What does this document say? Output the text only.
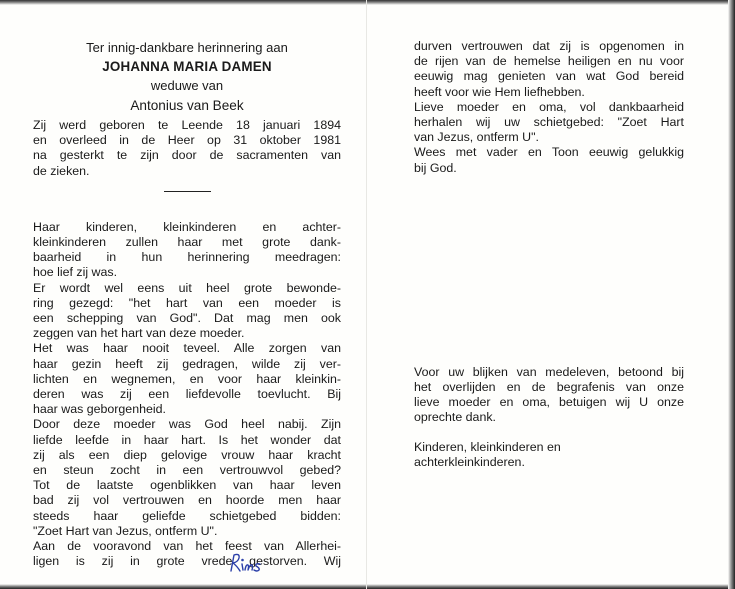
Ter innig-dankbare herinnering aan

JOHANNA MARIA DAMEN

weduwe van

Antonius van Beek

Zij werd geboren te Leende 18 januari 1894

en overleed in de Heer op 31 oktober 1981

na gesterkt te zijn door de sacramenten van

de zieken.

Haar kinderen, kleinkinderen en achter-

kleinkinderen zullen haar met grote dank-

baarheid in hun herinnering meedragen:

hoe lief zij was.

Er wordt wel eens uit heel grote bewonde-

ring gezegd: "het hart van een moeder is

een schepping van God". Dat mag men ook

zeggen van het hart van deze moeder.

Het was haar nooit teveel. Alle zorgen van

haar gezin heeft zij gedragen, wilde zij ver-

lichten en wegnemen, en voor haar kleinkin-

deren was zij een liefdevolle toevlucht. Bij

haar was geborgenheid.

Door deze moeder was God heel nabij. Zijn

liefde leefde in haar hart. Is het wonder dat

zij als een diep gelovige vrouw haar kracht

en steun zocht in een vertrouwvol gebed?

Tot de laatste ogenblikken van haar leven

bad zij vol vertrouwen en hoorde men haar

steeds haar geliefde schietgebed bidden:

"Zoet Hart van Jezus, ontferm U".

Aan de vooravond van het feest van Allerhei-

ligen is zij in grote vrede gestorven. Wij

durven vertrouwen dat zij is opgenomen in

de rijen van de hemelse heiligen en nu voor

eeuwig mag genieten van wat God bereid

heeft voor wie Hem liefhebben.

Lieve moeder en oma, vol dankbaarheid

herhalen wij uw schietgebed: "Zoet Hart

van Jezus, ontferm U".

Wees met vader en Toon eeuwig gelukkig

bij God.

Voor uw blijken van medeleven, betoond bij

het overlijden en de begrafenis van onze

lieve moeder en oma, betuigen wij U onze

oprechte dank.

Kinderen, kleinkinderen en

achterkleinkinderen.
